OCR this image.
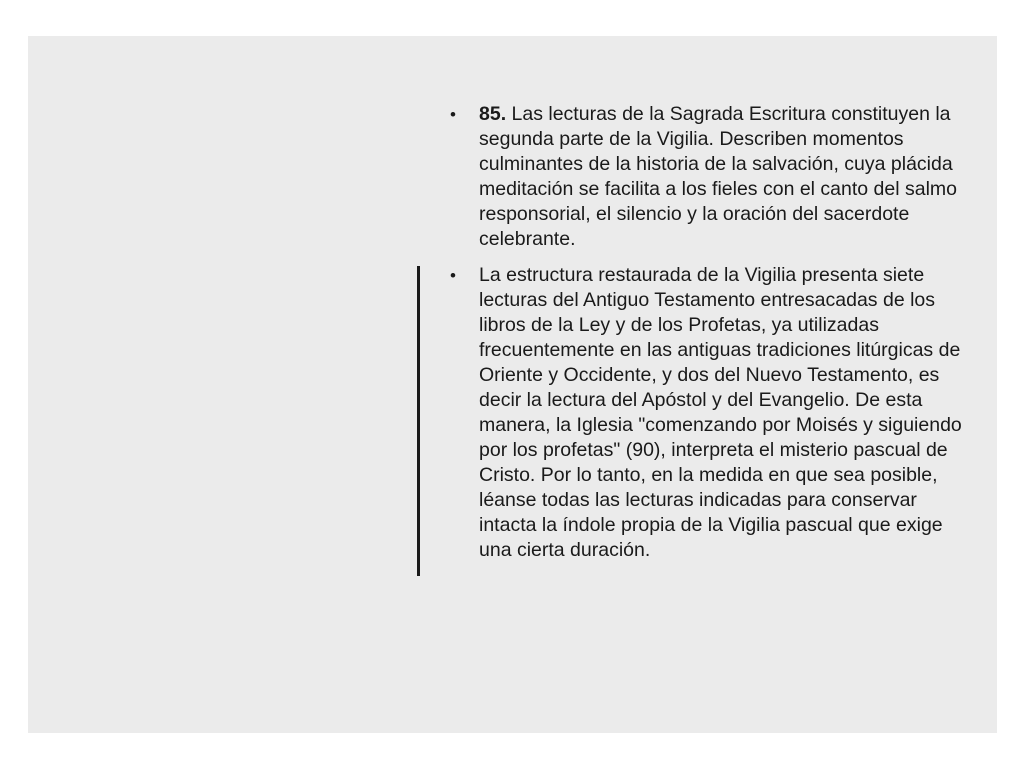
• 85. Las lecturas de la Sagrada Escritura constituyen la segunda parte de la Vigilia. Describen momentos culminantes de la historia de la salvación, cuya plácida meditación se facilita a los fieles con el canto del salmo responsorial, el silencio y la oración del sacerdote celebrante.
• La estructura restaurada de la Vigilia presenta siete lecturas del Antiguo Testamento entresacadas de los libros de la Ley y de los Profetas, ya utilizadas frecuentemente en las antiguas tradiciones litúrgicas de Oriente y Occidente, y dos del Nuevo Testamento, es decir la lectura del Apóstol y del Evangelio. De esta manera, la Iglesia "comenzando por Moisés y siguiendo por los profetas" (90), interpreta el misterio pascual de Cristo. Por lo tanto, en la medida en que sea posible, léanse todas las lecturas indicadas para conservar intacta la índole propia de la Vigilia pascual que exige una cierta duración.
